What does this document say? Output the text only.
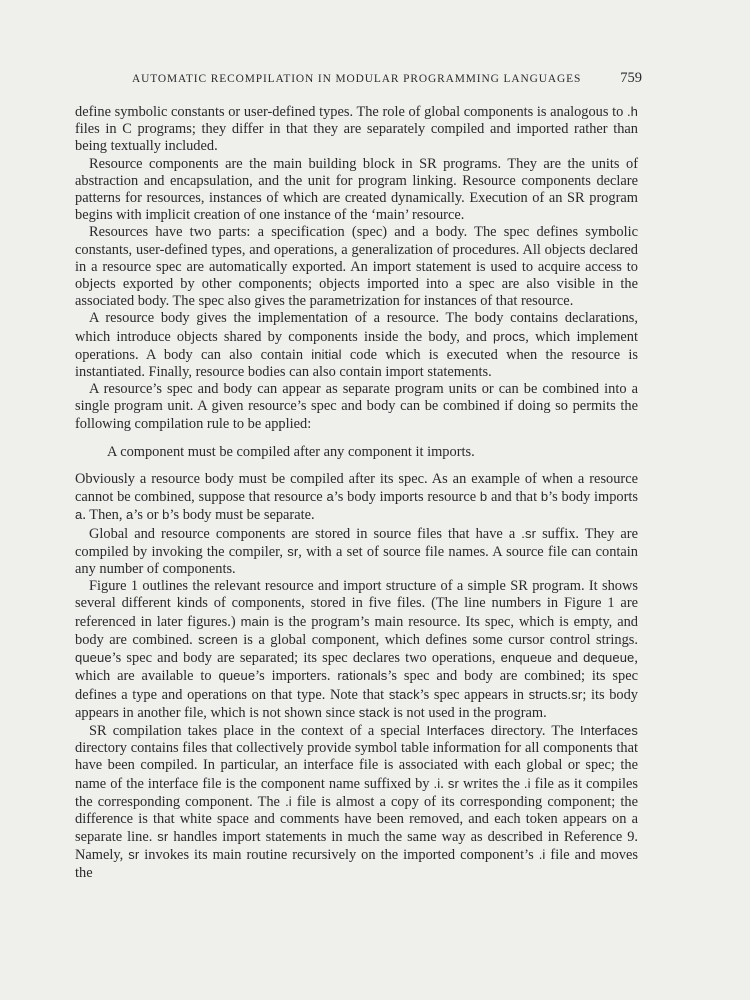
AUTOMATIC RECOMPILATION IN MODULAR PROGRAMMING LANGUAGES	759

define symbolic constants or user-defined types. The role of global components is analogous to .h files in C programs; they differ in that they are separately compiled and imported rather than being textually included.

Resource components are the main building block in SR programs. They are the units of abstraction and encapsulation, and the unit for program linking. Resource components declare patterns for resources, instances of which are created dynamically. Execution of an SR program begins with implicit creation of one instance of the ‘main’ resource.

Resources have two parts: a specification (spec) and a body. The spec defines symbolic constants, user-defined types, and operations, a generalization of procedures. All objects declared in a resource spec are automatically exported. An import statement is used to acquire access to objects exported by other components; objects imported into a spec are also visible in the associated body. The spec also gives the parametrization for instances of that resource.

A resource body gives the implementation of a resource. The body contains declarations, which introduce objects shared by components inside the body, and procs, which implement operations. A body can also contain initial code which is executed when the resource is instantiated. Finally, resource bodies can also contain import statements.

A resource’s spec and body can appear as separate program units or can be combined into a single program unit. A given resource’s spec and body can be combined if doing so permits the following compilation rule to be applied:

A component must be compiled after any component it imports.

Obviously a resource body must be compiled after its spec. As an example of when a resource cannot be combined, suppose that resource a’s body imports resource b and that b’s body imports a. Then, a’s or b’s body must be separate.

Global and resource components are stored in source files that have a .sr suffix. They are compiled by invoking the compiler, sr, with a set of source file names. A source file can contain any number of components.

Figure 1 outlines the relevant resource and import structure of a simple SR program. It shows several different kinds of components, stored in five files. (The line numbers in Figure 1 are referenced in later figures.) main is the program’s main resource. Its spec, which is empty, and body are combined. screen is a global component, which defines some cursor control strings. queue’s spec and body are separated; its spec declares two operations, enqueue and dequeue, which are available to queue’s importers. rationals’s spec and body are combined; its spec defines a type and operations on that type. Note that stack’s spec appears in structs.sr; its body appears in another file, which is not shown since stack is not used in the program.

SR compilation takes place in the context of a special Interfaces directory. The Interfaces directory contains files that collectively provide symbol table information for all components that have been compiled. In particular, an interface file is associated with each global or spec; the name of the interface file is the component name suffixed by .i. sr writes the .i file as it compiles the corresponding component. The .i file is almost a copy of its corresponding component; the difference is that white space and comments have been removed, and each token appears on a separate line. sr handles import statements in much the same way as described in Reference 9. Namely, sr invokes its main routine recursively on the imported component’s .i file and moves the
